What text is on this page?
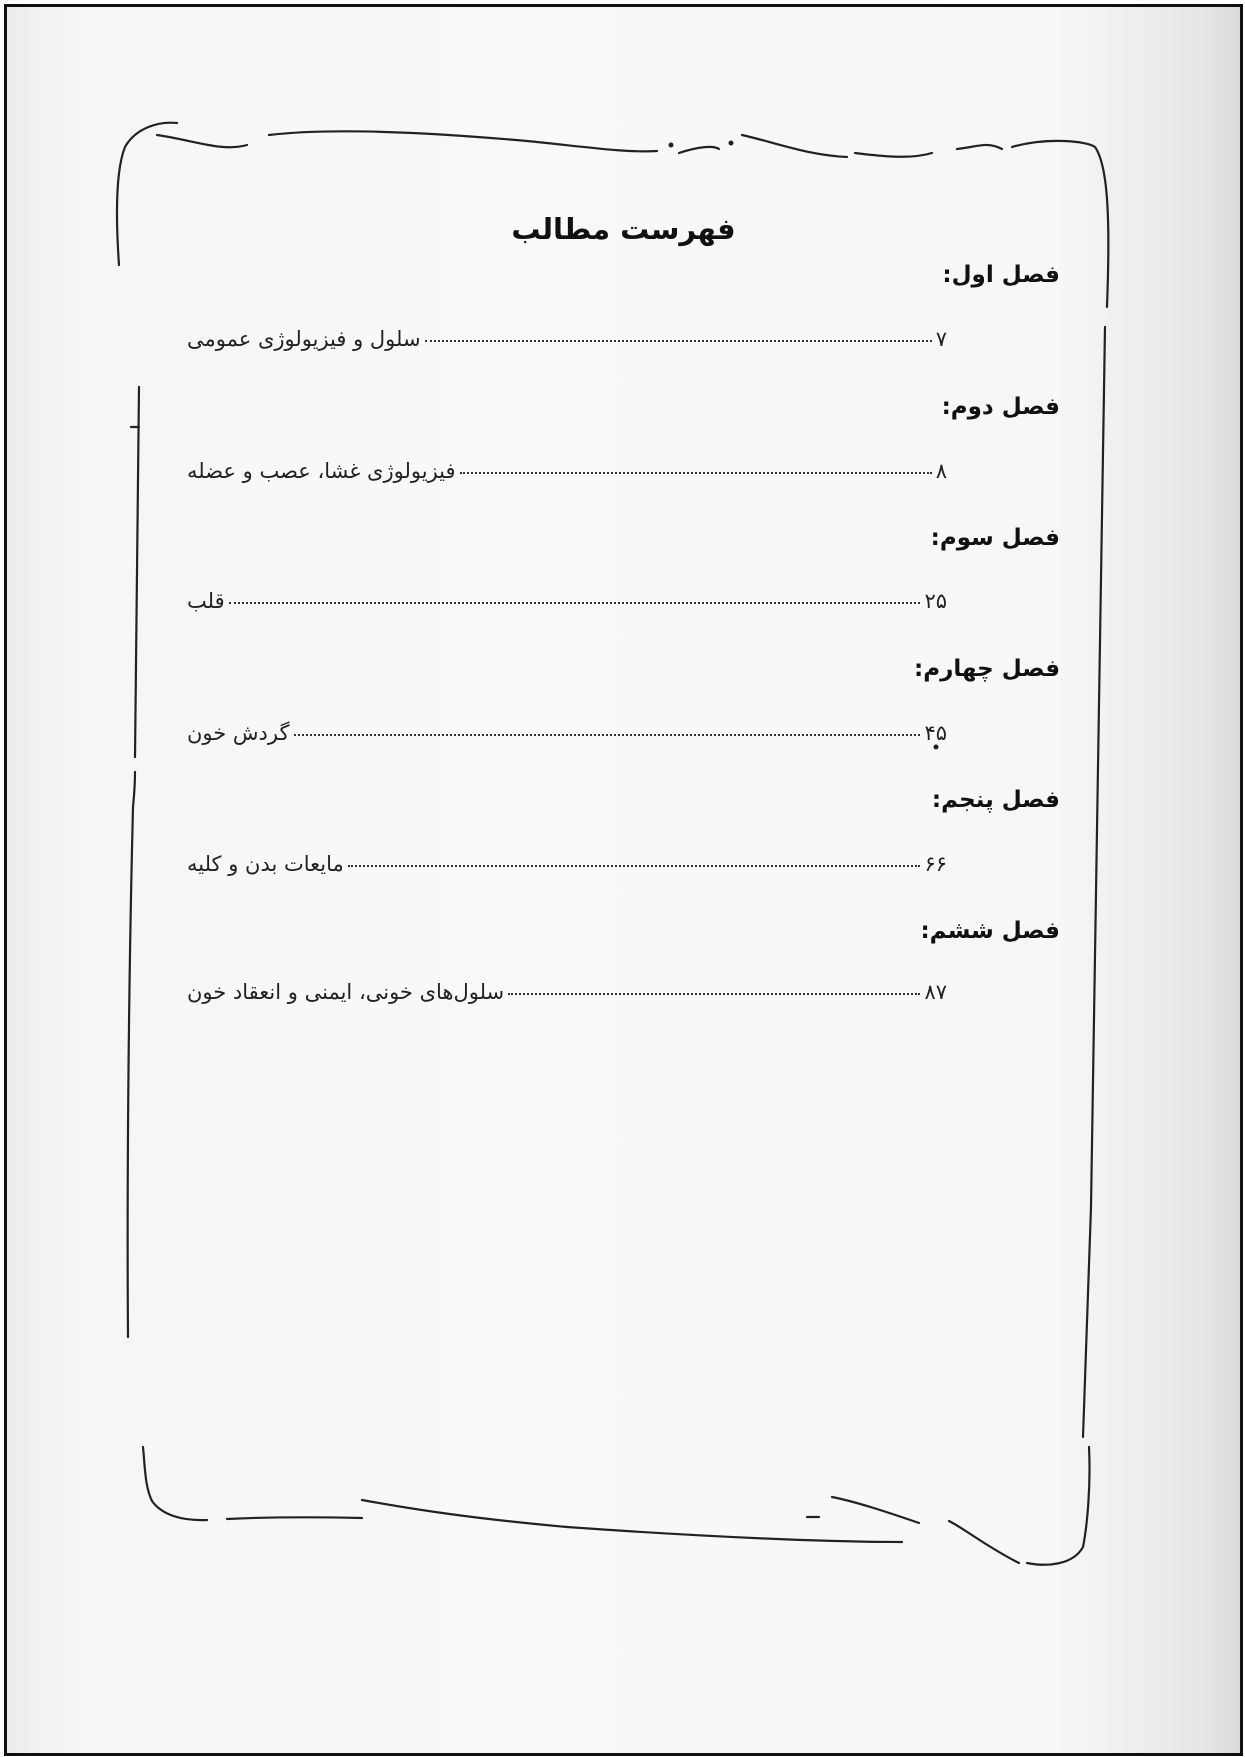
فهرست مطالب
فصل اول:
سلول و فیزیولوژی عمومی	۷
فصل دوم:
فیزیولوژی غشا، عصب و عضله	۸
فصل سوم:
قلب	۲۵
فصل چهارم:
گردش خون	۴۵
فصل پنجم:
مایعات بدن و کلیه	۶۶
فصل ششم:
سلول‌های خونی، ایمنی و انعقاد خون	۸۷
